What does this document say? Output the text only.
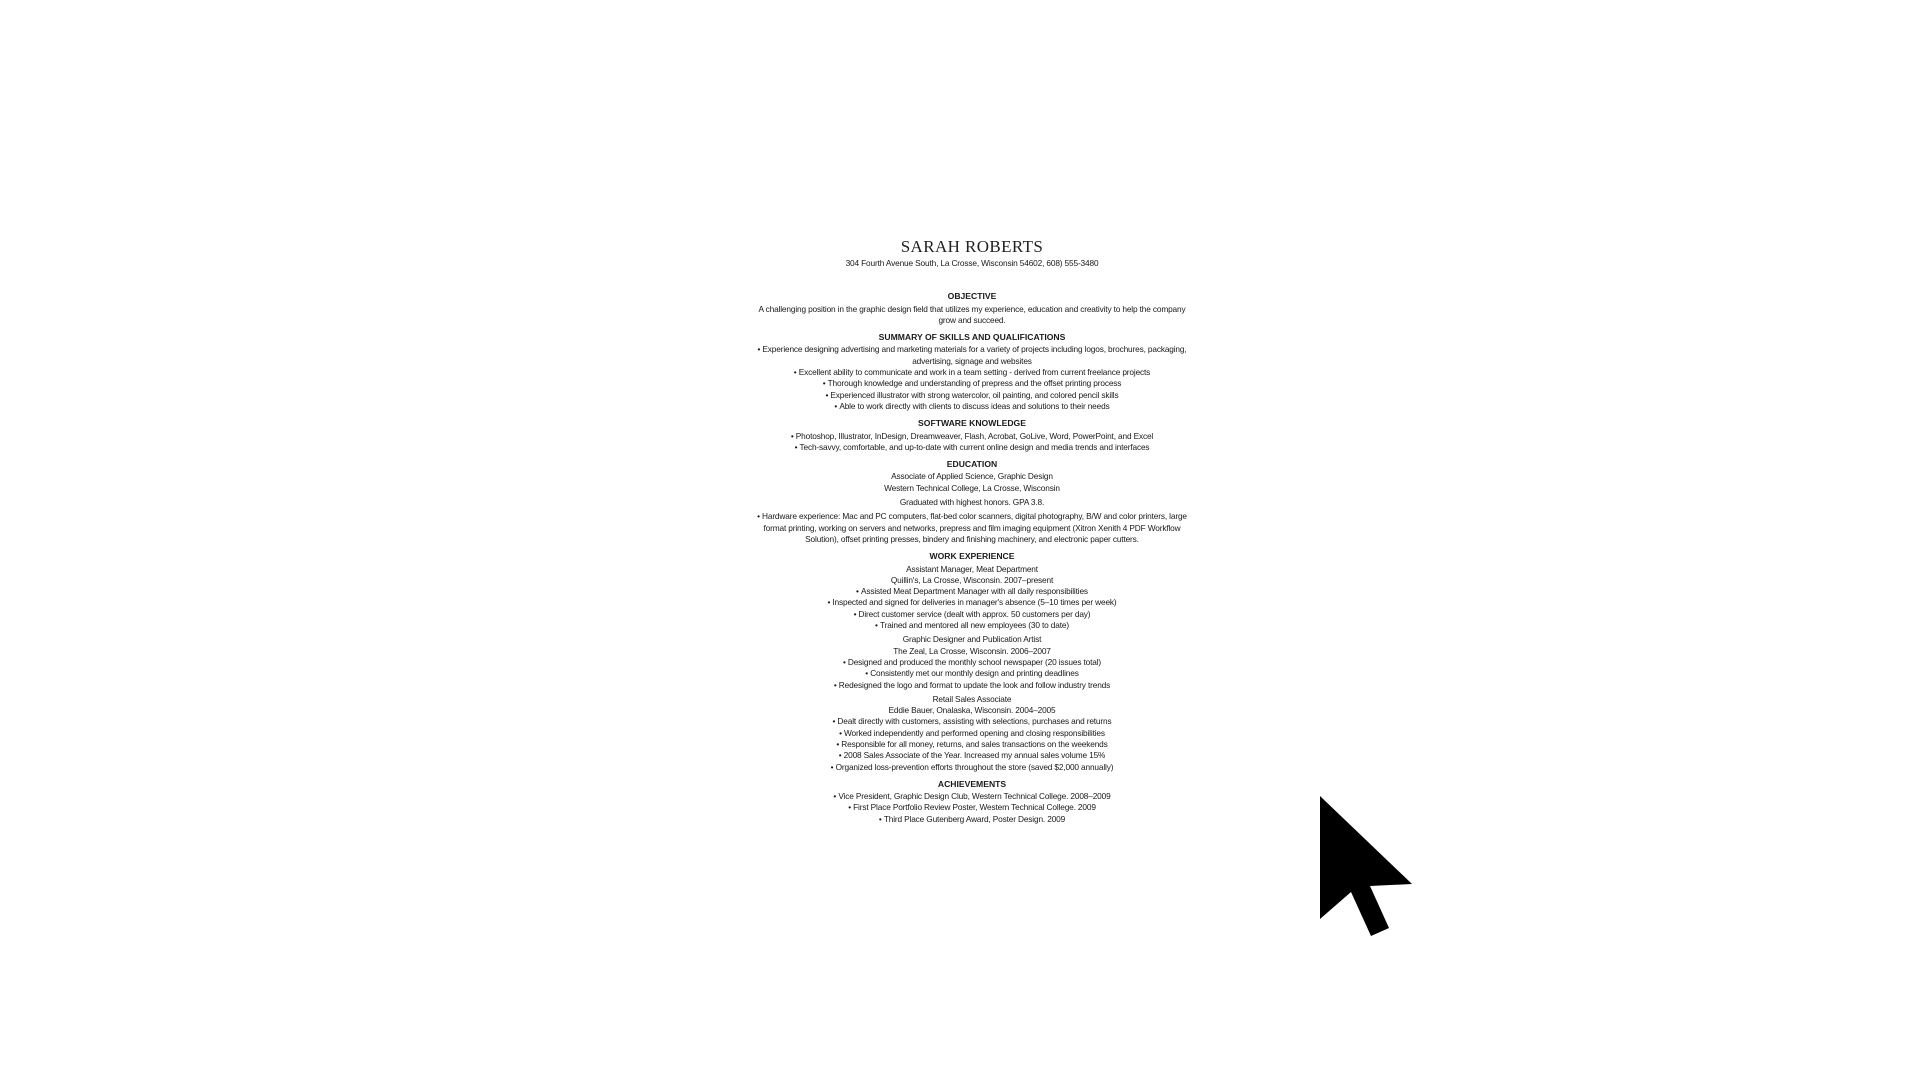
SARAH ROBERTS

304 Fourth Avenue South, La Crosse, Wisconsin 54602, 608) 555-3480

OBJECTIVE

A challenging position in the graphic design field that utilizes my experience, education and creativity to help the company grow and succeed.

SUMMARY OF SKILLS AND QUALIFICATIONS

• Experience designing advertising and marketing materials for a variety of projects including logos, brochures, packaging, advertising, signage and websites

• Excellent ability to communicate and work in a team setting - derived from current freelance projects

• Thorough knowledge and understanding of prepress and the offset printing process

• Experienced illustrator with strong watercolor, oil painting, and colored pencil skills

• Able to work directly with clients to discuss ideas and solutions to their needs

SOFTWARE KNOWLEDGE

• Photoshop, Illustrator, InDesign, Dreamweaver, Flash, Acrobat, GoLive, Word, PowerPoint, and Excel

• Tech-savvy, comfortable, and up-to-date with current online design and media trends and interfaces

EDUCATION

Associate of Applied Science, Graphic Design

Western Technical College, La Crosse, Wisconsin

Graduated with highest honors. GPA 3.8.

• Hardware experience: Mac and PC computers, flat-bed color scanners, digital photography, B/W and color printers, large format printing, working on servers and networks, prepress and film imaging equipment (Xitron Xenith 4 PDF Workflow Solution), offset printing presses, bindery and finishing machinery, and electronic paper cutters.

WORK EXPERIENCE

Assistant Manager, Meat Department

Quillin's, La Crosse, Wisconsin. 2007–present

• Assisted Meat Department Manager with all daily responsibilities

• Inspected and signed for deliveries in manager's absence (5–10 times per week)

• Direct customer service (dealt with approx. 50 customers per day)

• Trained and mentored all new employees (30 to date)

Graphic Designer and Publication Artist

The Zeal, La Crosse, Wisconsin. 2006–2007

• Designed and produced the monthly school newspaper (20 issues total)

• Consistently met our monthly design and printing deadlines

• Redesigned the logo and format to update the look and follow industry trends

Retail Sales Associate

Eddie Bauer, Onalaska, Wisconsin. 2004–2005

• Dealt directly with customers, assisting with selections, purchases and returns

• Worked independently and performed opening and closing responsibilities

• Responsible for all money, returns, and sales transactions on the weekends

• 2008 Sales Associate of the Year. Increased my annual sales volume 15%

• Organized loss-prevention efforts throughout the store (saved $2,000 annually)

ACHIEVEMENTS

• Vice President, Graphic Design Club, Western Technical College. 2008–2009

• First Place Portfolio Review Poster, Western Technical College. 2009

• Third Place Gutenberg Award, Poster Design. 2009
